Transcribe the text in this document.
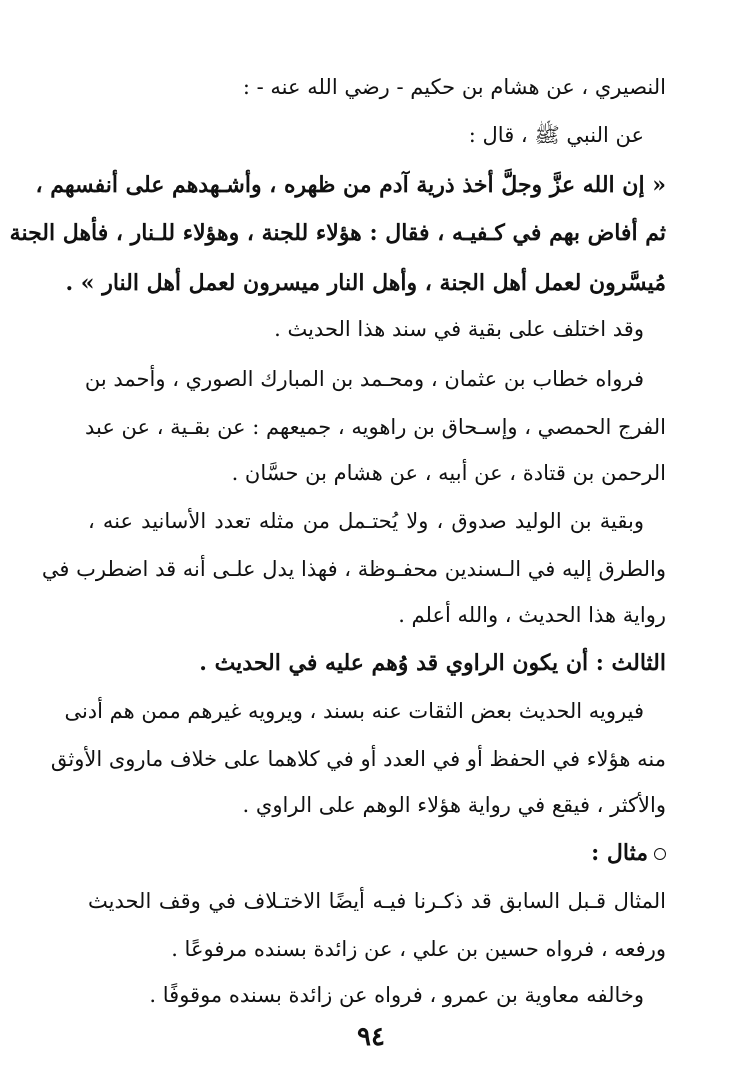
النصيري ، عن هشام بن حكيم - رضي الله عنه - :
عن النبي ﷺ ، قال :
« إن الله عزَّ وجلَّ أخذ ذرية آدم من ظهره ، وأشـهدهم على أنفسهم ،
ثم أفاض بهم في كـفيـه ، فقال : هؤلاء للجنة ، وهؤلاء للـنار ، فأهل الجنة
مُيسَّرون لعمل أهل الجنة ، وأهل النار ميسرون لعمل أهل النار » .
وقد اختلف على بقية في سند هذا الحديث .
فرواه خطاب بن عثمان ، ومحـمد بن المبارك الصوري ، وأحمد بن
الفرج الحمصي ، وإسـحاق بن راهويه ، جميعهم : عن بقـية ، عن عبد
الرحمن بن قتادة ، عن أبيه ، عن هشام بن حسَّان .
وبقية بن الوليد صدوق ، ولا يُحتـمل من مثله تعدد الأسانيد عنه ،
والطرق إليه في الـسندين محفـوظة ، فهذا يدل علـى أنه قد اضطرب في
رواية هذا الحديث ، والله أعلم .
الثالث : أن يكون الراوي قد وُهم عليه في الحديث .
فيرويه الحديث بعض الثقات عنه بسند ، ويرويه غيرهم ممن هم أدنى
منه هؤلاء في الحفظ أو في العدد أو في كلاهما على خلاف ماروى الأوثق
والأكثر ، فيقع في رواية هؤلاء الوهم على الراوي .
مثال :
المثال قـبل السابق قد ذكـرنا فيـه أيضًا الاختـلاف في وقف الحديث
ورفعه ، فرواه حسين بن علي ، عن زائدة بسنده مرفوعًا .
وخالفه معاوية بن عمرو ، فرواه عن زائدة بسنده موقوفًا .
٩٤
